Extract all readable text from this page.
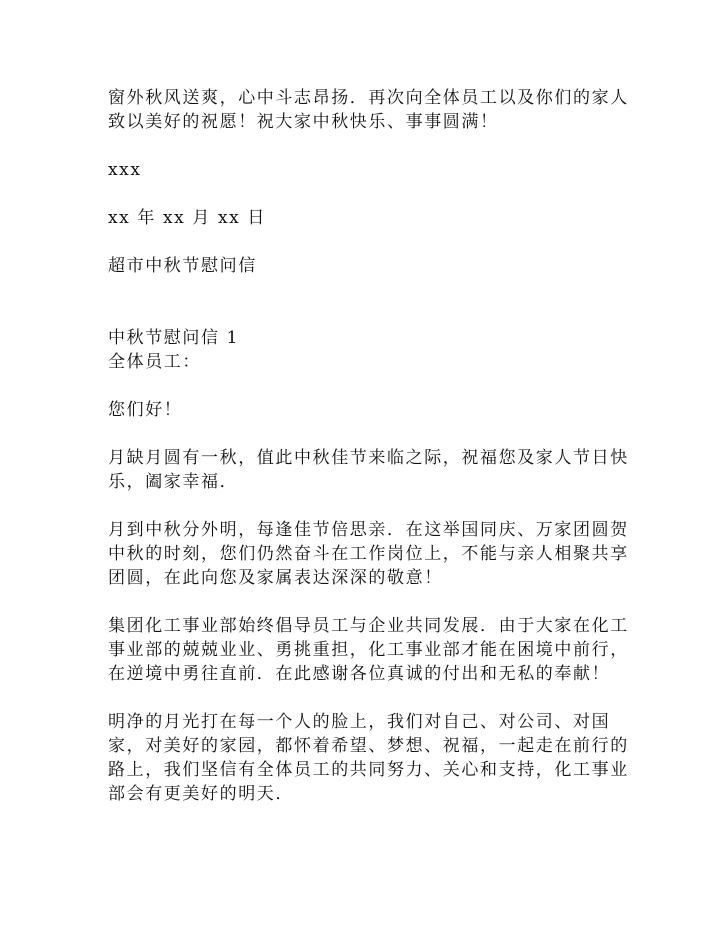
窗外秋风送爽，心中斗志昂扬．再次向全体员工以及你们的家人

致以美好的祝愿！祝大家中秋快乐、事事圆满！

xxx

xx 年 xx 月 xx 日

超市中秋节慰问信

中秋节慰问信 1

全体员工：

您们好！

月缺月圆有一秋，值此中秋佳节来临之际，祝福您及家人节日快

乐，阖家幸福．

月到中秋分外明，每逢佳节倍思亲．在这举国同庆、万家团圆贺

中秋的时刻，您们仍然奋斗在工作岗位上，不能与亲人相聚共享

团圆，在此向您及家属表达深深的敬意！

集团化工事业部始终倡导员工与企业共同发展．由于大家在化工

事业部的兢兢业业、勇挑重担，化工事业部才能在困境中前行，

在逆境中勇往直前．在此感谢各位真诚的付出和无私的奉献！

明净的月光打在每一个人的脸上，我们对自己、对公司、对国

家，对美好的家园，都怀着希望、梦想、祝福，一起走在前行的

路上，我们坚信有全体员工的共同努力、关心和支持，化工事业

部会有更美好的明天．
